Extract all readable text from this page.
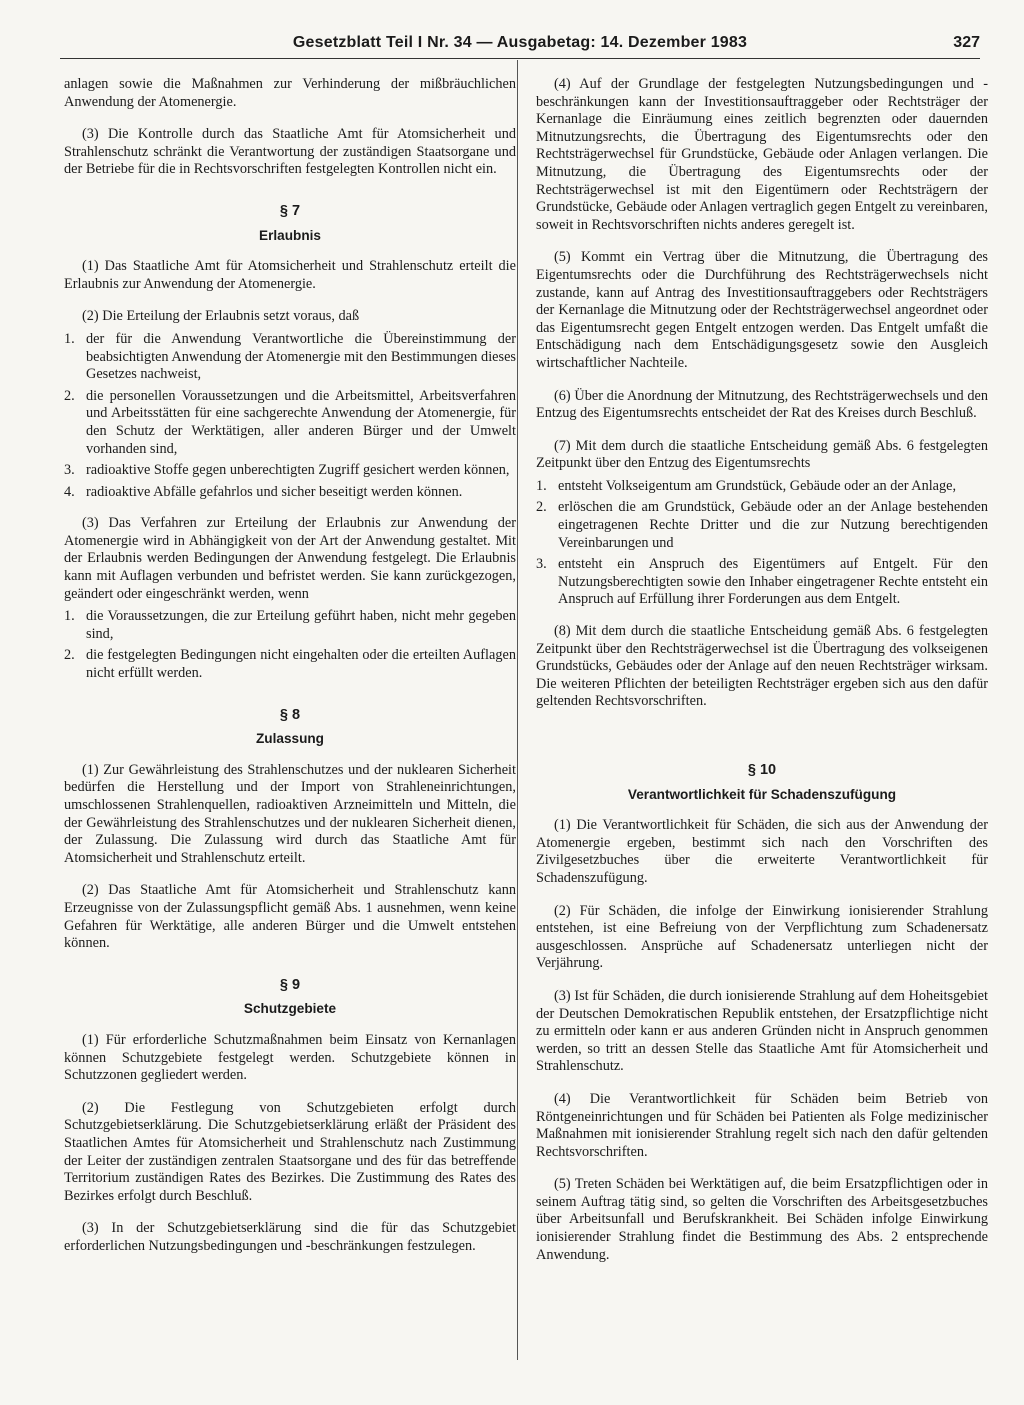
Gesetzblatt Teil I Nr. 34 — Ausgabetag: 14. Dezember 1983	327

anlagen sowie die Maßnahmen zur Verhinderung der mißbräuchlichen Anwendung der Atomenergie.

(3) Die Kontrolle durch das Staatliche Amt für Atomsicherheit und Strahlenschutz schränkt die Verantwortung der zuständigen Staatsorgane und der Betriebe für die in Rechtsvorschriften festgelegten Kontrollen nicht ein.

§ 7
Erlaubnis

(1) Das Staatliche Amt für Atomsicherheit und Strahlenschutz erteilt die Erlaubnis zur Anwendung der Atomenergie.

(2) Die Erteilung der Erlaubnis setzt voraus, daß

1. der für die Anwendung Verantwortliche die Übereinstimmung der beabsichtigten Anwendung der Atomenergie mit den Bestimmungen dieses Gesetzes nachweist,
2. die personellen Voraussetzungen und die Arbeitsmittel, Arbeitsverfahren und Arbeitsstätten für eine sachgerechte Anwendung der Atomenergie, für den Schutz der Werktätigen, aller anderen Bürger und der Umwelt vorhanden sind,
3. radioaktive Stoffe gegen unberechtigten Zugriff gesichert werden können,
4. radioaktive Abfälle gefahrlos und sicher beseitigt werden können.

(3) Das Verfahren zur Erteilung der Erlaubnis zur Anwendung der Atomenergie wird in Abhängigkeit von der Art der Anwendung gestaltet. Mit der Erlaubnis werden Bedingungen der Anwendung festgelegt. Die Erlaubnis kann mit Auflagen verbunden und befristet werden. Sie kann zurückgezogen, geändert oder eingeschränkt werden, wenn

1. die Voraussetzungen, die zur Erteilung geführt haben, nicht mehr gegeben sind,
2. die festgelegten Bedingungen nicht eingehalten oder die erteilten Auflagen nicht erfüllt werden.
§ 8
Zulassung

(1) Zur Gewährleistung des Strahlenschutzes und der nuklearen Sicherheit bedürfen die Herstellung und der Import von Strahleneinrichtungen, umschlossenen Strahlenquellen, radioaktiven Arzneimitteln und Mitteln, die der Gewährleistung des Strahlenschutzes und der nuklearen Sicherheit dienen, der Zulassung. Die Zulassung wird durch das Staatliche Amt für Atomsicherheit und Strahlenschutz erteilt.

(2) Das Staatliche Amt für Atomsicherheit und Strahlenschutz kann Erzeugnisse von der Zulassungspflicht gemäß Abs. 1 ausnehmen, wenn keine Gefahren für Werktätige, alle anderen Bürger und die Umwelt entstehen können.

§ 9
Schutzgebiete

(1) Für erforderliche Schutzmaßnahmen beim Einsatz von Kernanlagen können Schutzgebiete festgelegt werden. Schutzgebiete können in Schutzzonen gegliedert werden.

(2) Die Festlegung von Schutzgebieten erfolgt durch Schutzgebietserklärung. Die Schutzgebietserklärung erläßt der Präsident des Staatlichen Amtes für Atomsicherheit und Strahlenschutz nach Zustimmung der Leiter der zuständigen zentralen Staatsorgane und des für das betreffende Territorium zuständigen Rates des Bezirkes. Die Zustimmung des Rates des Bezirkes erfolgt durch Beschluß.

(3) In der Schutzgebietserklärung sind die für das Schutzgebiet erforderlichen Nutzungsbedingungen und -beschränkungen festzulegen.

(4) Auf der Grundlage der festgelegten Nutzungsbedingungen und -beschränkungen kann der Investitionsauftraggeber oder Rechtsträger der Kernanlage die Einräumung eines zeitlich begrenzten oder dauernden Mitnutzungsrechts, die Übertragung des Eigentumsrechts oder den Rechtsträgerwechsel für Grundstücke, Gebäude oder Anlagen verlangen. Die Mitnutzung, die Übertragung des Eigentumsrechts oder der Rechtsträgerwechsel ist mit den Eigentümern oder Rechtsträgern der Grundstücke, Gebäude oder Anlagen vertraglich gegen Entgelt zu vereinbaren, soweit in Rechtsvorschriften nichts anderes geregelt ist.

(5) Kommt ein Vertrag über die Mitnutzung, die Übertragung des Eigentumsrechts oder die Durchführung des Rechtsträgerwechsels nicht zustande, kann auf Antrag des Investitionsauftraggebers oder Rechtsträgers der Kernanlage die Mitnutzung oder der Rechtsträgerwechsel angeordnet oder das Eigentumsrecht gegen Entgelt entzogen werden. Das Entgelt umfaßt die Entschädigung nach dem Entschädigungsgesetz sowie den Ausgleich wirtschaftlicher Nachteile.

(6) Über die Anordnung der Mitnutzung, des Rechtsträgerwechsels und den Entzug des Eigentumsrechts entscheidet der Rat des Kreises durch Beschluß.

(7) Mit dem durch die staatliche Entscheidung gemäß Abs. 6 festgelegten Zeitpunkt über den Entzug des Eigentumsrechts

1. entsteht Volkseigentum am Grundstück, Gebäude oder an der Anlage,
2. erlöschen die am Grundstück, Gebäude oder an der Anlage bestehenden eingetragenen Rechte Dritter und die zur Nutzung berechtigenden Vereinbarungen und
3. entsteht ein Anspruch des Eigentümers auf Entgelt. Für den Nutzungsberechtigten sowie den Inhaber eingetragener Rechte entsteht ein Anspruch auf Erfüllung ihrer Forderungen aus dem Entgelt.

(8) Mit dem durch die staatliche Entscheidung gemäß Abs. 6 festgelegten Zeitpunkt über den Rechtsträgerwechsel ist die Übertragung des volkseigenen Grundstücks, Gebäudes oder der Anlage auf den neuen Rechtsträger wirksam. Die weiteren Pflichten der beteiligten Rechtsträger ergeben sich aus den dafür geltenden Rechtsvorschriften.

§ 10
Verantwortlichkeit für Schadenszufügung

(1) Die Verantwortlichkeit für Schäden, die sich aus der Anwendung der Atomenergie ergeben, bestimmt sich nach den Vorschriften des Zivilgesetzbuches über die erweiterte Verantwortlichkeit für Schadenszufügung.

(2) Für Schäden, die infolge der Einwirkung ionisierender Strahlung entstehen, ist eine Befreiung von der Verpflichtung zum Schadenersatz ausgeschlossen. Ansprüche auf Schadenersatz unterliegen nicht der Verjährung.

(3) Ist für Schäden, die durch ionisierende Strahlung auf dem Hoheitsgebiet der Deutschen Demokratischen Republik entstehen, der Ersatzpflichtige nicht zu ermitteln oder kann er aus anderen Gründen nicht in Anspruch genommen werden, so tritt an dessen Stelle das Staatliche Amt für Atomsicherheit und Strahlenschutz.

(4) Die Verantwortlichkeit für Schäden beim Betrieb von Röntgeneinrichtungen und für Schäden bei Patienten als Folge medizinischer Maßnahmen mit ionisierender Strahlung regelt sich nach den dafür geltenden Rechtsvorschriften.

(5) Treten Schäden bei Werktätigen auf, die beim Ersatzpflichtigen oder in seinem Auftrag tätig sind, so gelten die Vorschriften des Arbeitsgesetzbuches über Arbeitsunfall und Berufskrankheit. Bei Schäden infolge Einwirkung ionisierender Strahlung findet die Bestimmung des Abs. 2 entsprechende Anwendung.
